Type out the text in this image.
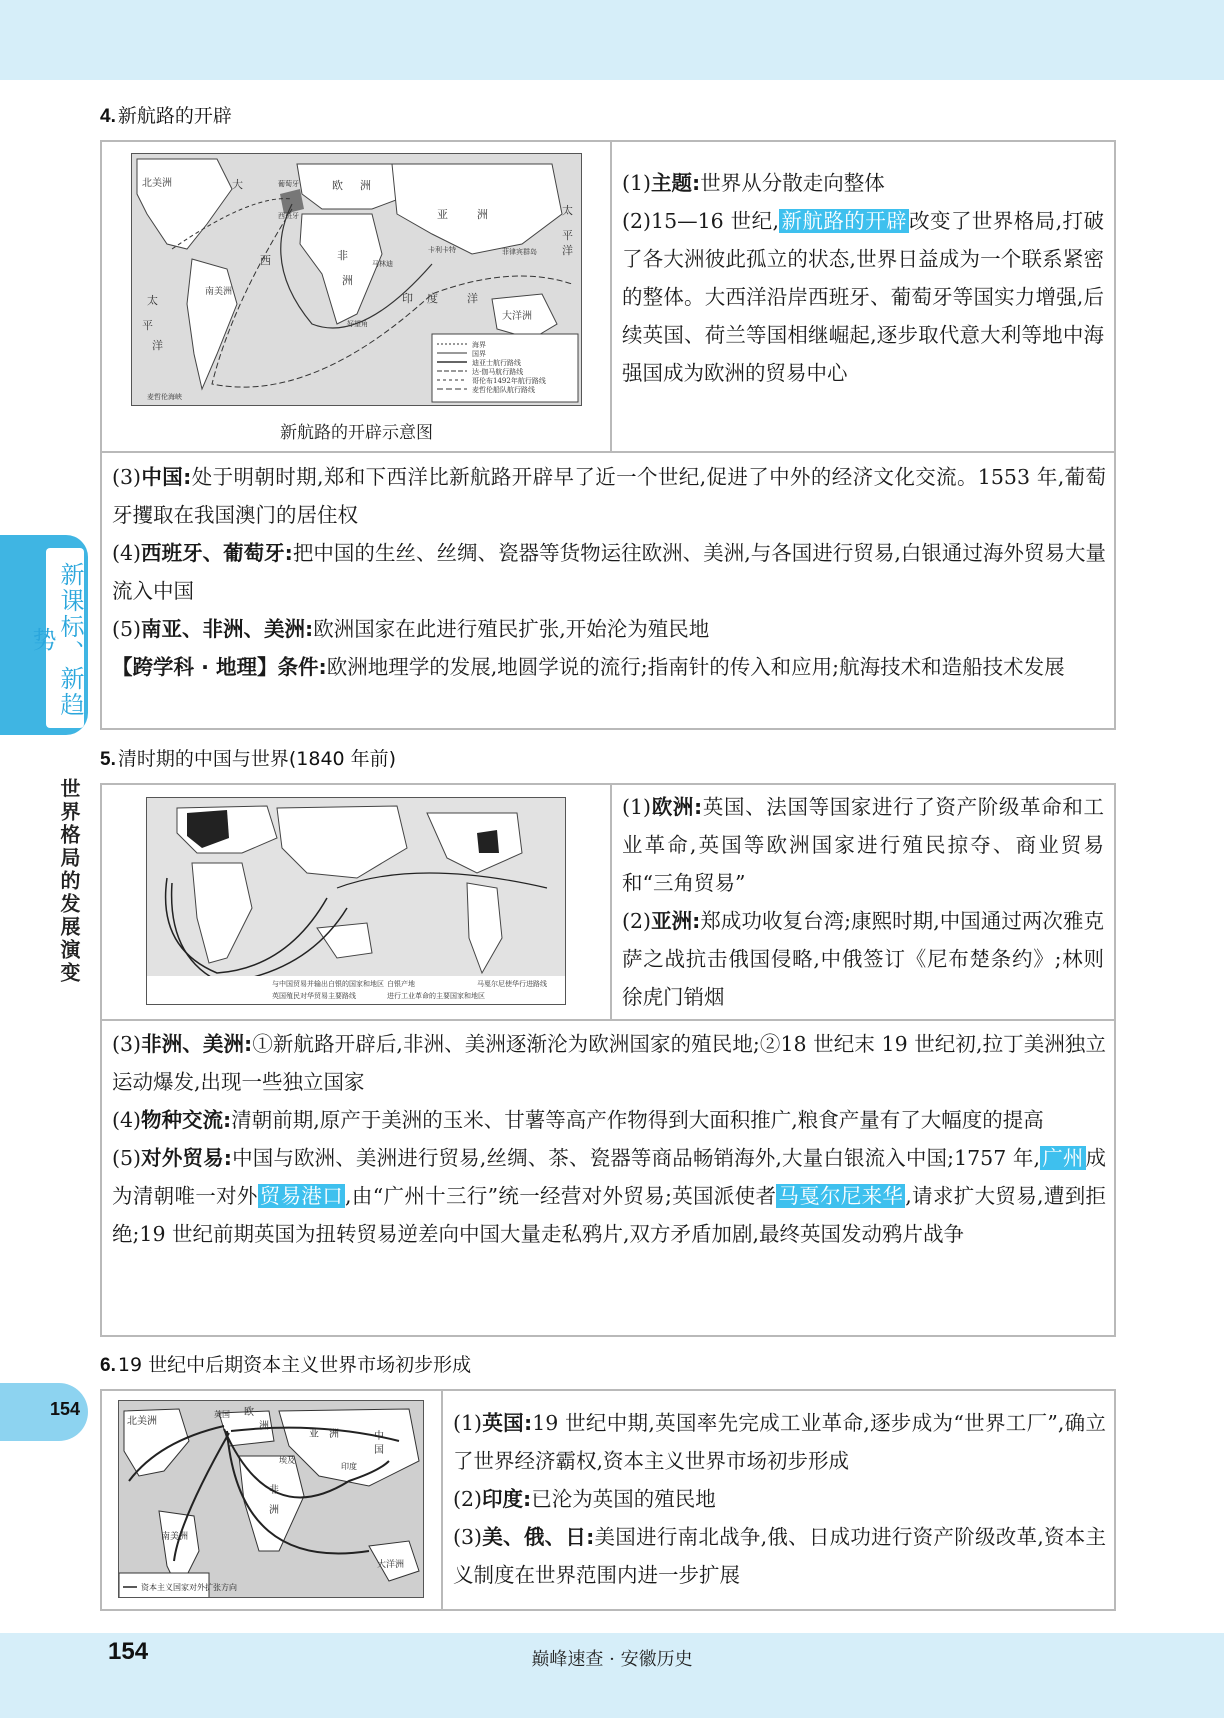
新课标、新趋势
世界格局的发展演变
154
4. 新航路的开辟
北美洲	大	欧 洲
葡萄牙
西班牙	亚	洲	太
平
洋
非
洲
西
南美洲
太
平
洋
印 度	洋
大洋洲
麦哲伦海峡
好望角
卡利卡特	菲律宾群岛
马林迪
海界
国界
迪亚士航行路线
达·伽马航行路线
哥伦布1492年航行路线
麦哲伦船队航行路线
新航路的开辟示意图

(1)主题:世界从分散走向整体

(2)15—16 世纪,新航路的开辟改变了世界格局,打破了各大洲彼此孤立的状态,世界日益成为一个联系紧密的整体。大西洋沿岸西班牙、葡萄牙等国实力增强,后续英国、荷兰等国相继崛起,逐步取代意大利等地中海强国成为欧洲的贸易中心

(3)中国:处于明朝时期,郑和下西洋比新航路开辟早了近一个世纪,促进了中外的经济文化交流。1553 年,葡萄牙攫取在我国澳门的居住权

(4)西班牙、葡萄牙:把中国的生丝、丝绸、瓷器等货物运往欧洲、美洲,与各国进行贸易,白银通过海外贸易大量流入中国

(5)南亚、非洲、美洲:欧洲国家在此进行殖民扩张,开始沦为殖民地

【跨学科 · 地理】条件:欧洲地理学的发展,地圆学说的流行;指南针的传入和应用;航海技术和造船技术发展

5. 清时期的中国与世界(1840 年前)
与中国贸易并输出白银的国家和地区 白银产地	马戛尔尼使华行进路线
英国殖民对华贸易主要路线	进行工业革命的主要国家和地区

(1)欧洲:英国、法国等国家进行了资产阶级革命和工业革命,英国等欧洲国家进行殖民掠夺、商业贸易和“三角贸易”

(2)亚洲:郑成功收复台湾;康熙时期,中国通过两次雅克萨之战抗击俄国侵略,中俄签订《尼布楚条约》;林则徐虎门销烟

(3)非洲、美洲:①新航路开辟后,非洲、美洲逐渐沦为欧洲国家的殖民地;②18 世纪末 19 世纪初,拉丁美洲独立运动爆发,出现一些独立国家

(4)物种交流:清朝前期,原产于美洲的玉米、甘薯等高产作物得到大面积推广,粮食产量有了大幅度的提高

(5)对外贸易:中国与欧洲、美洲进行贸易,丝绸、茶、瓷器等商品畅销海外,大量白银流入中国;1757 年,广州成为清朝唯一对外贸易港口,由“广州十三行”统一经营对外贸易;英国派使者马戛尔尼来华,请求扩大贸易,遭到拒绝;19 世纪前期英国为扭转贸易逆差向中国大量走私鸦片,双方矛盾加剧,最终英国发动鸦片战争

6. 19 世纪中后期资本主义世界市场初步形成
北美洲
英国 欧
洲
亚 洲	中
国
印度
非
洲
埃及
南美洲
大洋洲
资本主义国家对外扩张方向

(1)英国:19 世纪中期,英国率先完成工业革命,逐步成为“世界工厂”,确立了世界经济霸权,资本主义世界市场初步形成

(2)印度:已沦为英国的殖民地

(3)美、俄、日:美国进行南北战争,俄、日成功进行资产阶级改革,资本主义制度在世界范围内进一步扩展

154	巅峰速查 · 安徽历史
